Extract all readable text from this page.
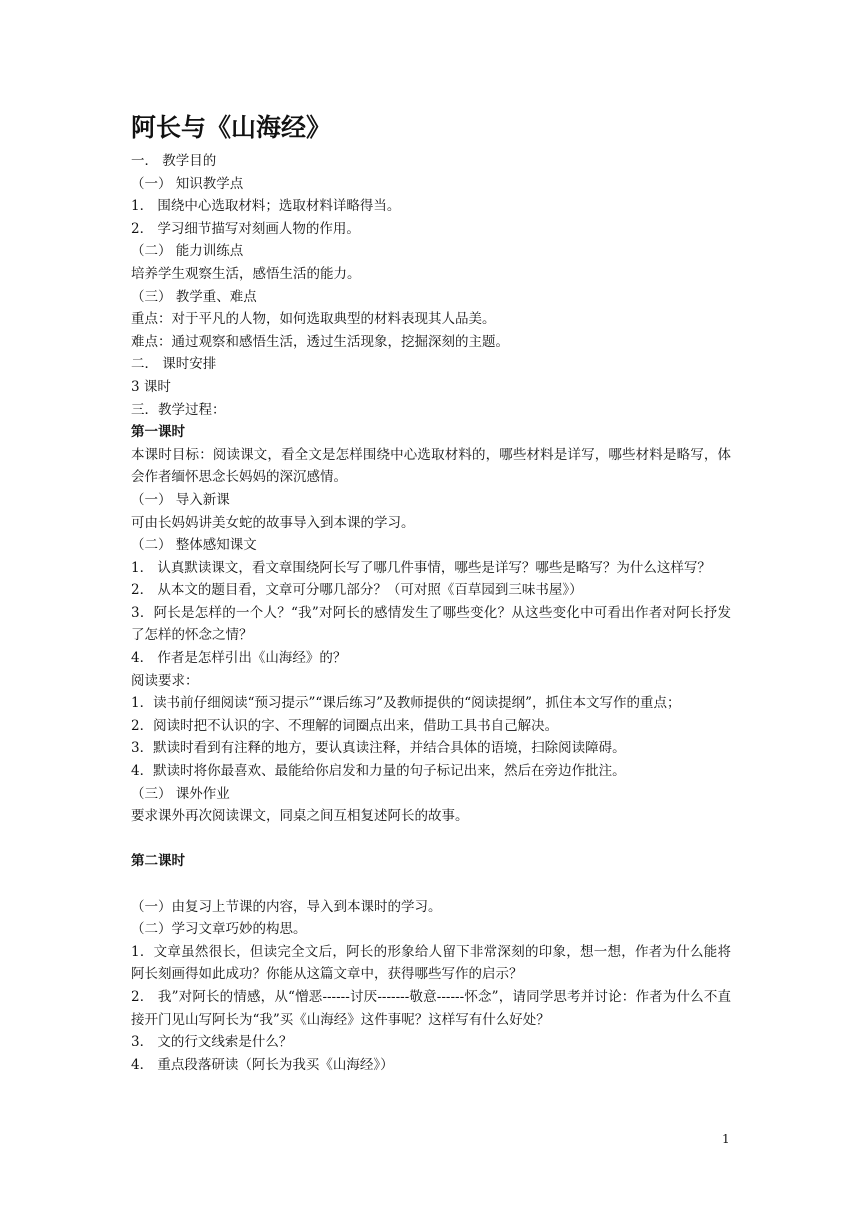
阿长与《山海经》
一． 教学目的
（一） 知识教学点
1． 围绕中心选取材料；选取材料详略得当。
2． 学习细节描写对刻画人物的作用。
（二） 能力训练点
培养学生观察生活，感悟生活的能力。
（三） 教学重、难点
重点：对于平凡的人物，如何选取典型的材料表现其人品美。
难点：通过观察和感悟生活，透过生活现象，挖掘深刻的主题。
二． 课时安排
3 课时
三．教学过程：
第一课时
本课时目标：阅读课文，看全文是怎样围绕中心选取材料的，哪些材料是详写，哪些材料是略写，体会作者缅怀思念长妈妈的深沉感情。
（一） 导入新课
可由长妈妈讲美女蛇的故事导入到本课的学习。
（二） 整体感知课文
1． 认真默读课文，看文章围绕阿长写了哪几件事情，哪些是详写？哪些是略写？为什么这样写？
2． 从本文的题目看，文章可分哪几部分？（可对照《百草园到三味书屋》）
3．阿长是怎样的一个人？“我”对阿长的感情发生了哪些变化？从这些变化中可看出作者对阿长抒发了怎样的怀念之情？
4． 作者是怎样引出《山海经》的？
阅读要求：
1．读书前仔细阅读“预习提示”“课后练习”及教师提供的“阅读提纲”，抓住本文写作的重点；
2．阅读时把不认识的字、不理解的词圈点出来，借助工具书自己解决。
3．默读时看到有注释的地方，要认真读注释，并结合具体的语境，扫除阅读障碍。
4．默读时将你最喜欢、最能给你启发和力量的句子标记出来，然后在旁边作批注。
（三） 课外作业
要求课外再次阅读课文，同桌之间互相复述阿长的故事。
第二课时
（一）由复习上节课的内容，导入到本课时的学习。
（二）学习文章巧妙的构思。
1．文章虽然很长，但读完全文后，阿长的形象给人留下非常深刻的印象，想一想，作者为什么能将阿长刻画得如此成功？你能从这篇文章中，获得哪些写作的启示？
2． 我”对阿长的情感，从“憎恶------讨厌-------敬意------怀念”，请同学思考并讨论：作者为什么不直接开门见山写阿长为“我”买《山海经》这件事呢？这样写有什么好处？
3． 文的行文线索是什么？
4． 重点段落研读（阿长为我买《山海经》）
1
